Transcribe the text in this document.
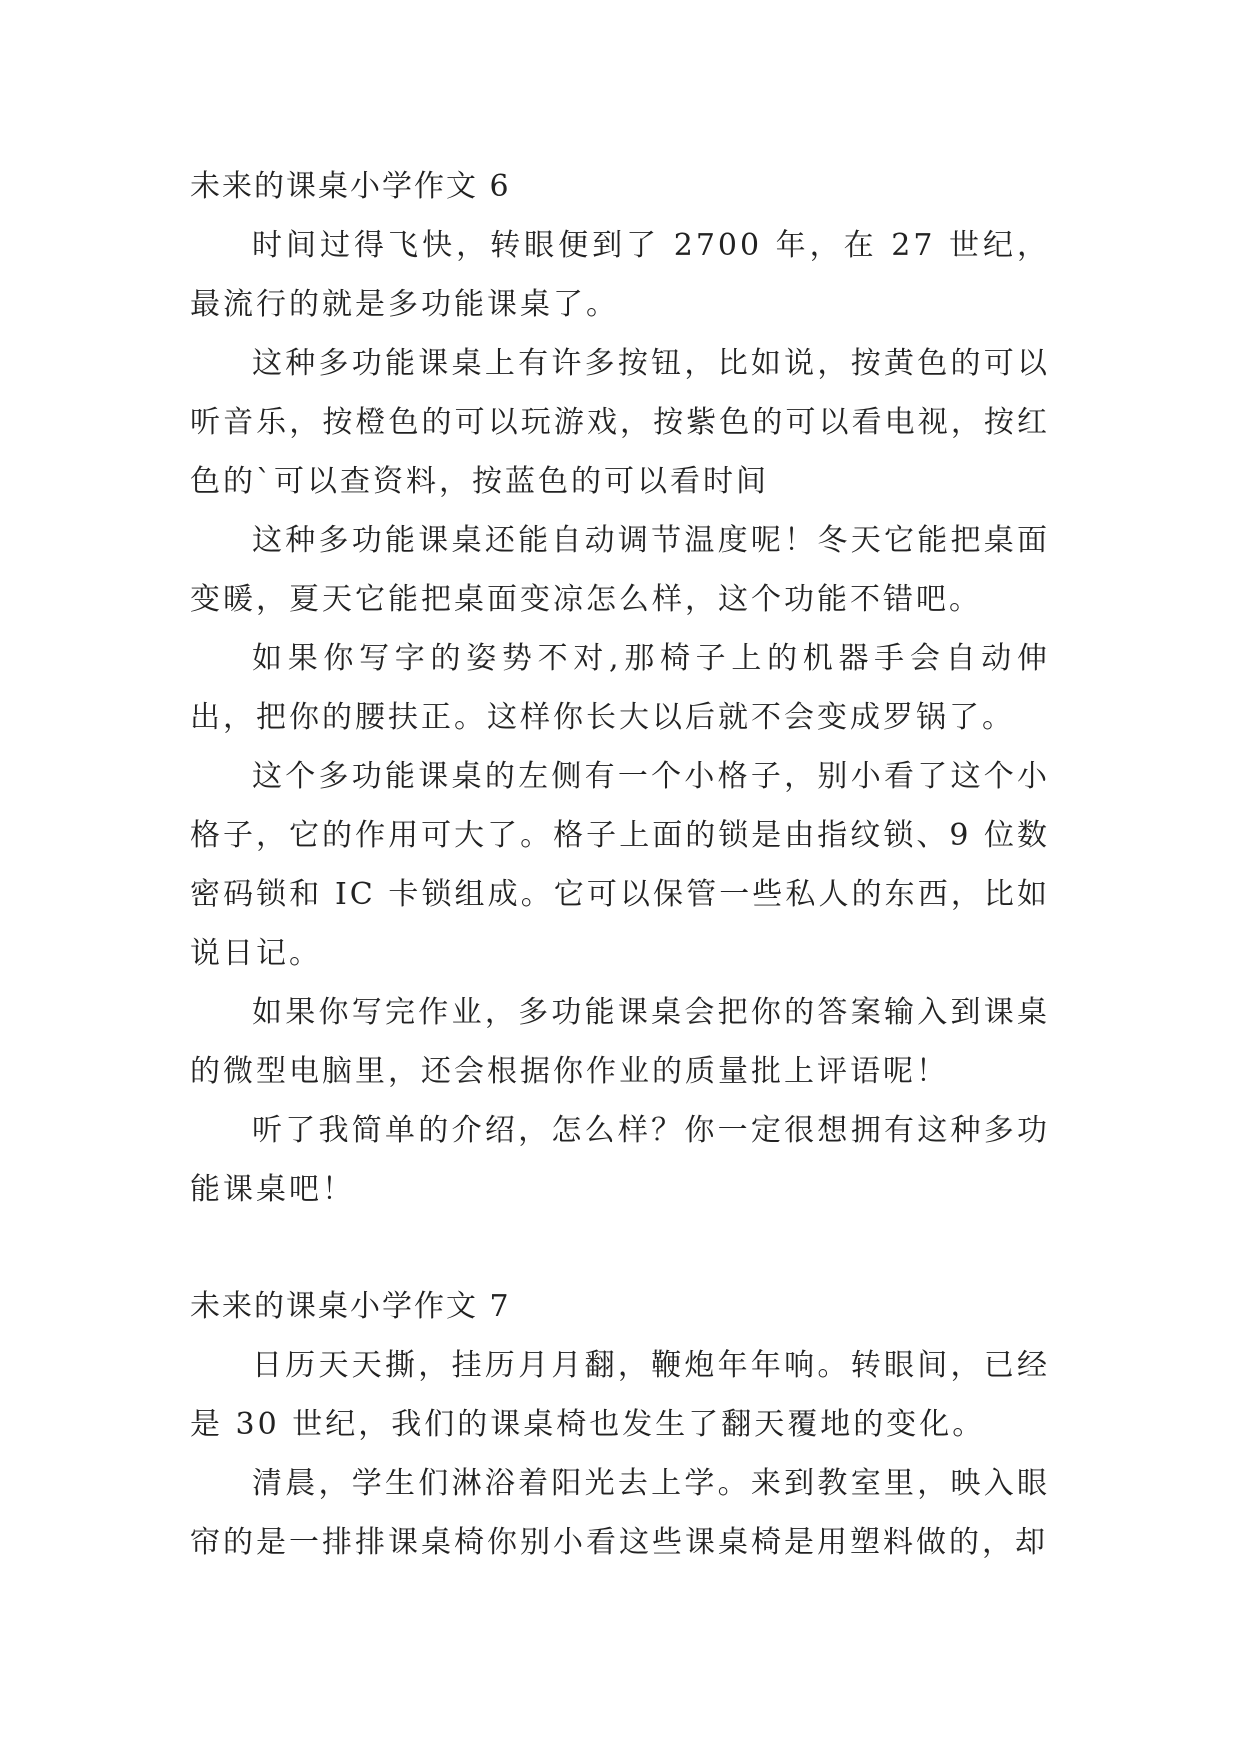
未来的课桌小学作文 6

时间过得飞快，转眼便到了 2700 年，在 27 世纪，最流行的就是多功能课桌了。

这种多功能课桌上有许多按钮，比如说，按黄色的可以听音乐，按橙色的可以玩游戏，按紫色的可以看电视，按红色的`可以查资料，按蓝色的可以看时间

这种多功能课桌还能自动调节温度呢！冬天它能把桌面变暖，夏天它能把桌面变凉怎么样，这个功能不错吧。

如果你写字的姿势不对,那椅子上的机器手会自动伸出，把你的腰扶正。这样你长大以后就不会变成罗锅了。

这个多功能课桌的左侧有一个小格子，别小看了这个小格子，它的作用可大了。格子上面的锁是由指纹锁、9 位数密码锁和 IC 卡锁组成。它可以保管一些私人的东西，比如说日记。

如果你写完作业，多功能课桌会把你的答案输入到课桌的微型电脑里，还会根据你作业的质量批上评语呢！

听了我简单的介绍，怎么样？你一定很想拥有这种多功能课桌吧！

未来的课桌小学作文 7

日历天天撕，挂历月月翻，鞭炮年年响。转眼间，已经是 30 世纪，我们的课桌椅也发生了翻天覆地的变化。

清晨，学生们淋浴着阳光去上学。来到教室里，映入眼帘的是一排排课桌椅你别小看这些课桌椅是用塑料做的，却
